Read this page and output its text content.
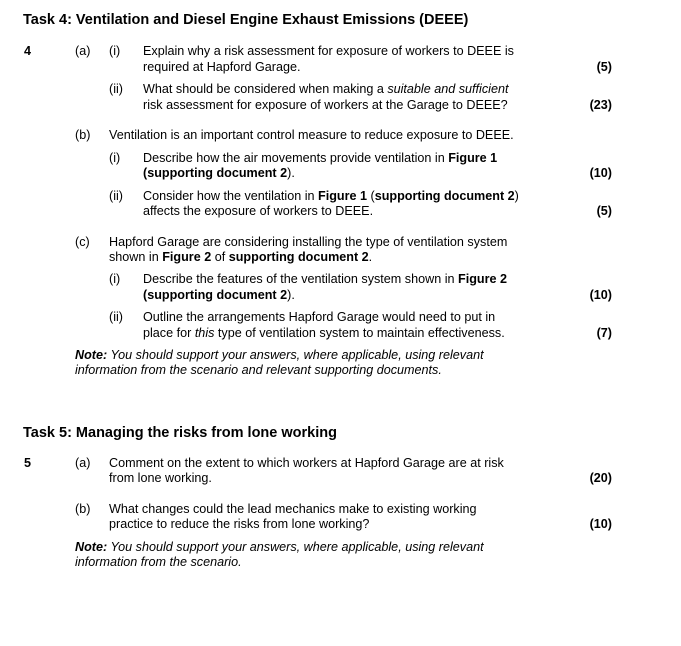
Task 4: Ventilation and Diesel Engine Exhaust Emissions (DEEE)
4	(a) (i) Explain why a risk assessment for exposure of workers to DEEE is
required at Hapford Garage.	(5)
(ii) What should be considered when making a suitable and sufficient
risk assessment for exposure of workers at the Garage to DEEE?	(23)
(b) Ventilation is an important control measure to reduce exposure to DEEE.
(i) Describe how the air movements provide ventilation in Figure 1
(supporting document 2).	(10)
(ii) Consider how the ventilation in Figure 1 (supporting document 2)
affects the exposure of workers to DEEE.	(5)
(c) Hapford Garage are considering installing the type of ventilation system
shown in Figure 2 of supporting document 2.
(i) Describe the features of the ventilation system shown in Figure 2
(supporting document 2).	(10)
(ii) Outline the arrangements Hapford Garage would need to put in
place for this type of ventilation system to maintain effectiveness.	(7)
Note: You should support your answers, where applicable, using relevant
information from the scenario and relevant supporting documents.
Task 5: Managing the risks from lone working
5	(a) Comment on the extent to which workers at Hapford Garage are at risk
from lone working.	(20)
(b) What changes could the lead mechanics make to existing working
practice to reduce the risks from lone working?	(10)
Note: You should support your answers, where applicable, using relevant
information from the scenario.
